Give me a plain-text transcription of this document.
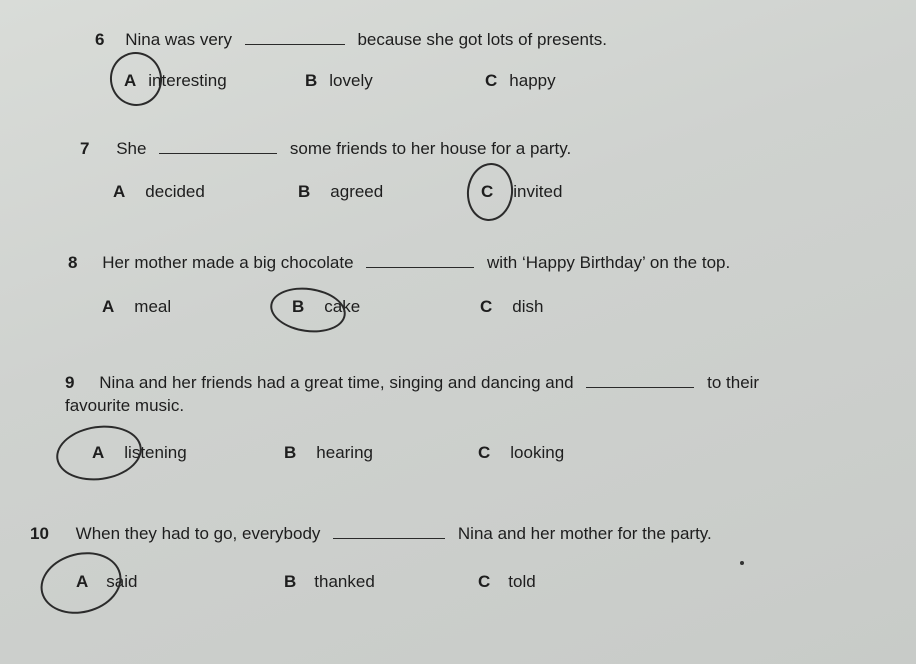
6 Nina was very	because she got lots of presents.
A interesting	B lovely	C happy
7 She	some friends to her house for a party.
A decided	B agreed	C invited
8 Her mother made a big chocolate	with ‘Happy Birthday’ on the top.
A meal	B cake	C dish
9 Nina and her friends had a great time, singing and dancing and	to their
favourite music.
A listening	B hearing	C looking
10 When they had to go, everybody	Nina and her mother for the party.
A said	B thanked	C told
